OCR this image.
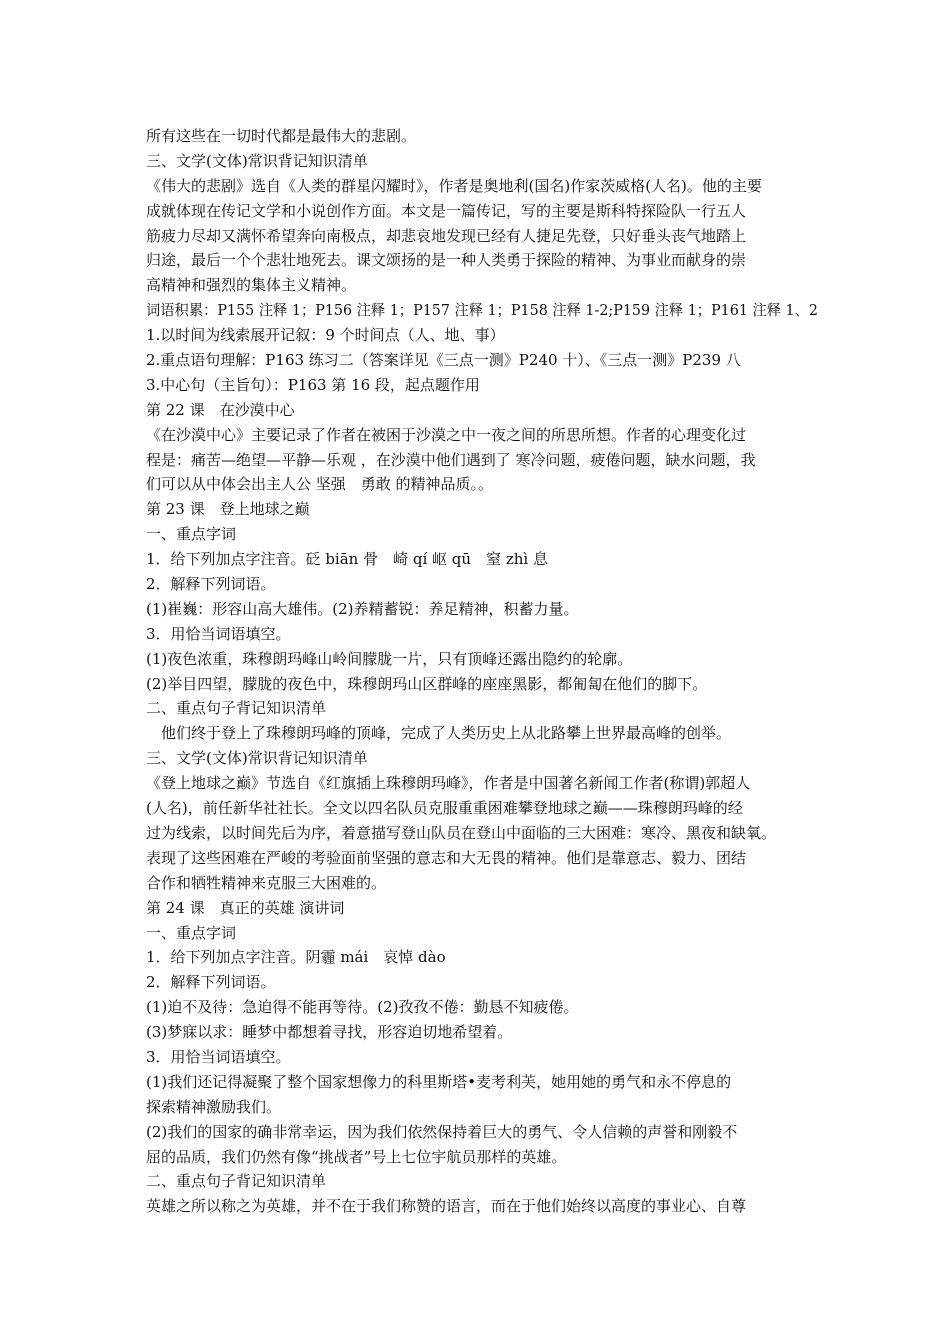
所有这些在一切时代都是最伟大的悲剧。
三、文学(文体)常识背记知识清单
《伟大的悲剧》选自《人类的群星闪耀时》，作者是奥地利(国名)作家茨威格(人名)。他的主要
成就体现在传记文学和小说创作方面。本文是一篇传记，写的主要是斯科特探险队一行五人
筋疲力尽却又满怀希望奔向南极点，却悲哀地发现已经有人捷足先登，只好垂头丧气地踏上
归途，最后一个个悲壮地死去。课文颂扬的是一种人类勇于探险的精神、为事业而献身的崇
高精神和强烈的集体主义精神。
词语积累：P155 注释 1；P156 注释 1；P157 注释 1；P158 注释 1-2;P159 注释 1；P161 注释 1、2
1.以时间为线索展开记叙：9 个时间点（人、地、事）
2.重点语句理解：P163 练习二（答案详见《三点一测》P240 十）、《三点一测》P239 八
3.中心句（主旨句）：P163 第 16 段，起点题作用
第 22 课　在沙漠中心
《在沙漠中心》主要记录了作者在被困于沙漠之中一夜之间的所思所想。作者的心理变化过
程是：痛苦—绝望—平静—乐观 ，在沙漠中他们遇到了 寒冷问题，疲倦问题，缺水问题，我
们可以从中体会出主人公 坚强　勇敢 的精神品质。。
第 23 课　登上地球之巅
一、重点字词
1．给下列加点字注音。砭 biān 骨　崎 qí 岖 qū　窒 zhì 息
2．解释下列词语。
(1)崔巍：形容山高大雄伟。(2)养精蓄锐：养足精神，积蓄力量。
3．用恰当词语填空。
(1)夜色浓重，珠穆朗玛峰山岭间朦胧一片，只有顶峰还露出隐约的轮廓。
(2)举目四望，朦胧的夜色中，珠穆朗玛山区群峰的座座黑影，都匍匐在他们的脚下。
二、重点句子背记知识清单
　他们终于登上了珠穆朗玛峰的顶峰，完成了人类历史上从北路攀上世界最高峰的创举。
三、文学(文体)常识背记知识清单
《登上地球之巅》节选自《红旗插上珠穆朗玛峰》，作者是中国著名新闻工作者(称谓)郭超人
(人名)，前任新华社社长。全文以四名队员克服重重困难攀登地球之巅——珠穆朗玛峰的经
过为线索，以时间先后为序，着意描写登山队员在登山中面临的三大困难：寒冷、黑夜和缺氧。
表现了这些困难在严峻的考验面前坚强的意志和大无畏的精神。他们是靠意志、毅力、团结
合作和牺牲精神来克服三大困难的。
第 24 课　真正的英雄 演讲词
一、重点字词
1．给下列加点字注音。阴霾 mái　哀悼 dào
2．解释下列词语。
(1)迫不及待：急迫得不能再等待。(2)孜孜不倦：勤恳不知疲倦。
(3)梦寐以求：睡梦中都想着寻找，形容迫切地希望着。
3．用恰当词语填空。
(1)我们还记得凝聚了整个国家想像力的科里斯塔•麦考利芙，她用她的勇气和永不停息的
探索精神激励我们。
(2)我们的国家的确非常幸运，因为我们依然保持着巨大的勇气、令人信赖的声誉和刚毅不
屈的品质，我们仍然有像“挑战者”号上七位宇航员那样的英雄。
二、重点句子背记知识清单
英雄之所以称之为英雄，并不在于我们称赞的语言，而在于他们始终以高度的事业心、自尊
